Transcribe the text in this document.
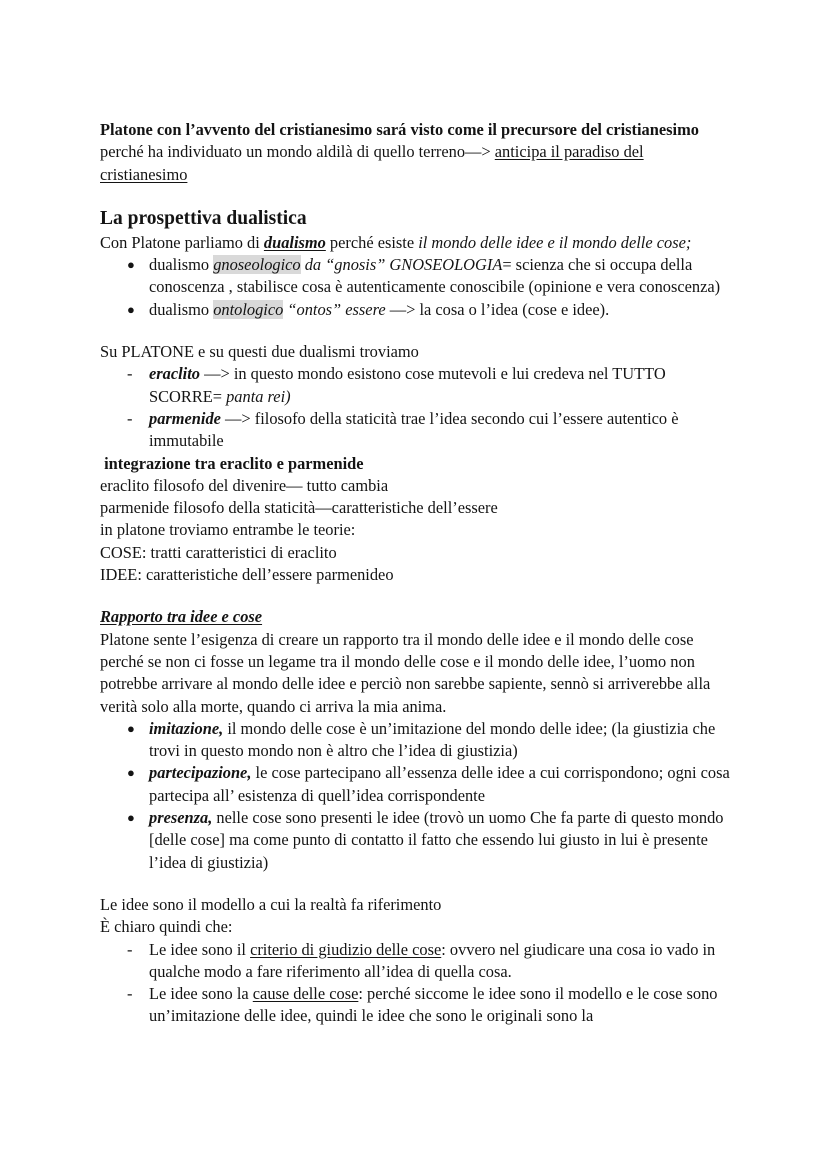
Platone con l’avvento del cristianesimo sará visto come il precursore del cristianesimo perché ha individuato un mondo aldilà di quello terreno—> anticipa il paradiso del cristianesimo

La prospettiva dualistica

Con Platone parliamo di dualismo perché esiste il mondo delle idee e il mondo delle cose;

● dualismo gnoseologico da “gnosis” GNOSEOLOGIA= scienza che si occupa della conoscenza , stabilisce cosa è autenticamente conoscibile (opinione e vera conoscenza)
● dualismo ontologico “ontos” essere —> la cosa o l’idea (cose e idee).

Su PLATONE e su questi due dualismi troviamo

- eraclito —> in questo mondo esistono cose mutevoli e lui credeva nel TUTTO SCORRE= panta rei)
- parmenide —> filosofo della staticità trae l’idea secondo cui l’essere autentico è immutabile

integrazione tra eraclito e parmenide

eraclito filosofo del divenire— tutto cambia

parmenide filosofo della staticità—caratteristiche dell’essere

in platone troviamo entrambe le teorie:

COSE: tratti caratteristici di eraclito

IDEE: caratteristiche dell’essere parmenideo

Rapporto tra idee e cose

Platone sente l’esigenza di creare un rapporto tra il mondo delle idee e il mondo delle cose perché se non ci fosse un legame tra il mondo delle cose e il mondo delle idee, l’uomo non potrebbe arrivare al mondo delle idee e perciò non sarebbe sapiente, sennò si arriverebbe alla verità solo alla morte, quando ci arriva la mia anima.

● imitazione, il mondo delle cose è un’imitazione del mondo delle idee; (la giustizia che trovi in questo mondo non è altro che l’idea di giustizia)
● partecipazione, le cose partecipano all’essenza delle idee a cui corrispondono; ogni cosa partecipa all’ esistenza di quell’idea corrispondente
● presenza, nelle cose sono presenti le idee (trovò un uomo Che fa parte di questo mondo [delle cose] ma come punto di contatto il fatto che essendo lui giusto in lui è presente l’idea di giustizia)

Le idee sono il modello a cui la realtà fa riferimento

È chiaro quindi che:

- Le idee sono il criterio di giudizio delle cose: ovvero nel giudicare una cosa io vado in qualche modo a fare riferimento all’idea di quella cosa.
- Le idee sono la cause delle cose: perché siccome le idee sono il modello e le cose sono un’imitazione delle idee, quindi le idee che sono le originali sono la
